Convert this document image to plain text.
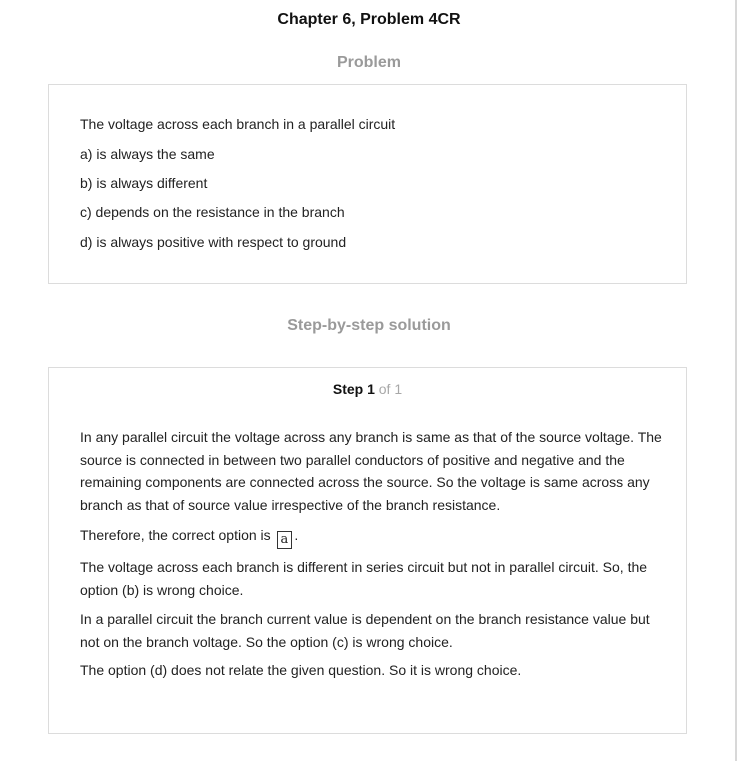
Chapter 6, Problem 4CR
Problem
The voltage across each branch in a parallel circuit
a) is always the same
b) is always different
c) depends on the resistance in the branch
d) is always positive with respect to ground
Step-by-step solution
Step 1 of 1
In any parallel circuit the voltage across any branch is same as that of the source voltage. The source is connected in between two parallel conductors of positive and negative and the remaining components are connected across the source. So the voltage is same across any branch as that of source value irrespective of the branch resistance.
Therefore, the correct option is a .
The voltage across each branch is different in series circuit but not in parallel circuit. So, the option (b) is wrong choice.
In a parallel circuit the branch current value is dependent on the branch resistance value but not on the branch voltage. So the option (c) is wrong choice.
The option (d) does not relate the given question. So it is wrong choice.
